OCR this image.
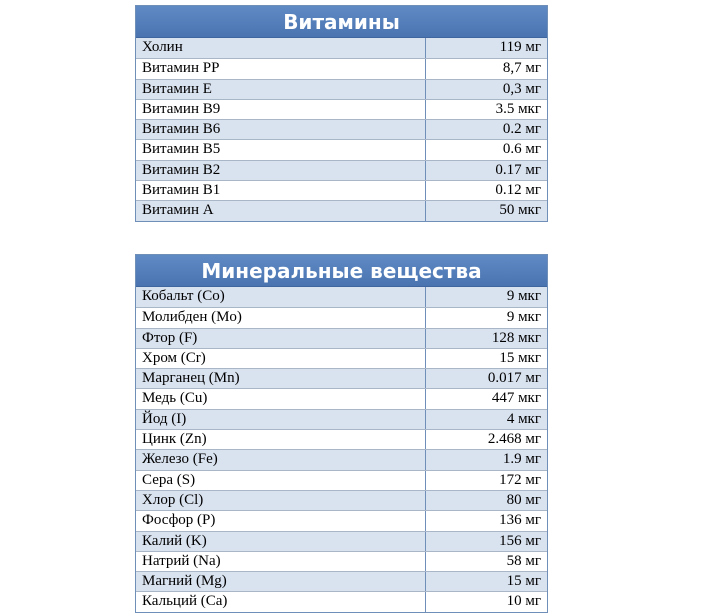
Витамины
Холин	119 мг
Витамин PP	8,7 мг
Витамин E	0,3 мг
Витамин B9	3.5 мкг
Витамин B6	0.2 мг
Витамин B5	0.6 мг
Витамин B2	0.17 мг
Витамин B1	0.12 мг
Витамин A	50 мкг
Минеральные вещества
Кобальт (Co)	9 мкг
Молибден (Mo)	9 мкг
Фтор (F)	128 мкг
Хром (Cr)	15 мкг
Марганец (Mn)	0.017 мг
Медь (Cu)	447 мкг
Йод (I)	4 мкг
Цинк (Zn)	2.468 мг
Железо (Fe)	1.9 мг
Сера (S)	172 мг
Хлор (Cl)	80 мг
Фосфор (P)	136 мг
Калий (K)	156 мг
Натрий (Na)	58 мг
Магний (Mg)	15 мг
Кальций (Ca)	10 мг
